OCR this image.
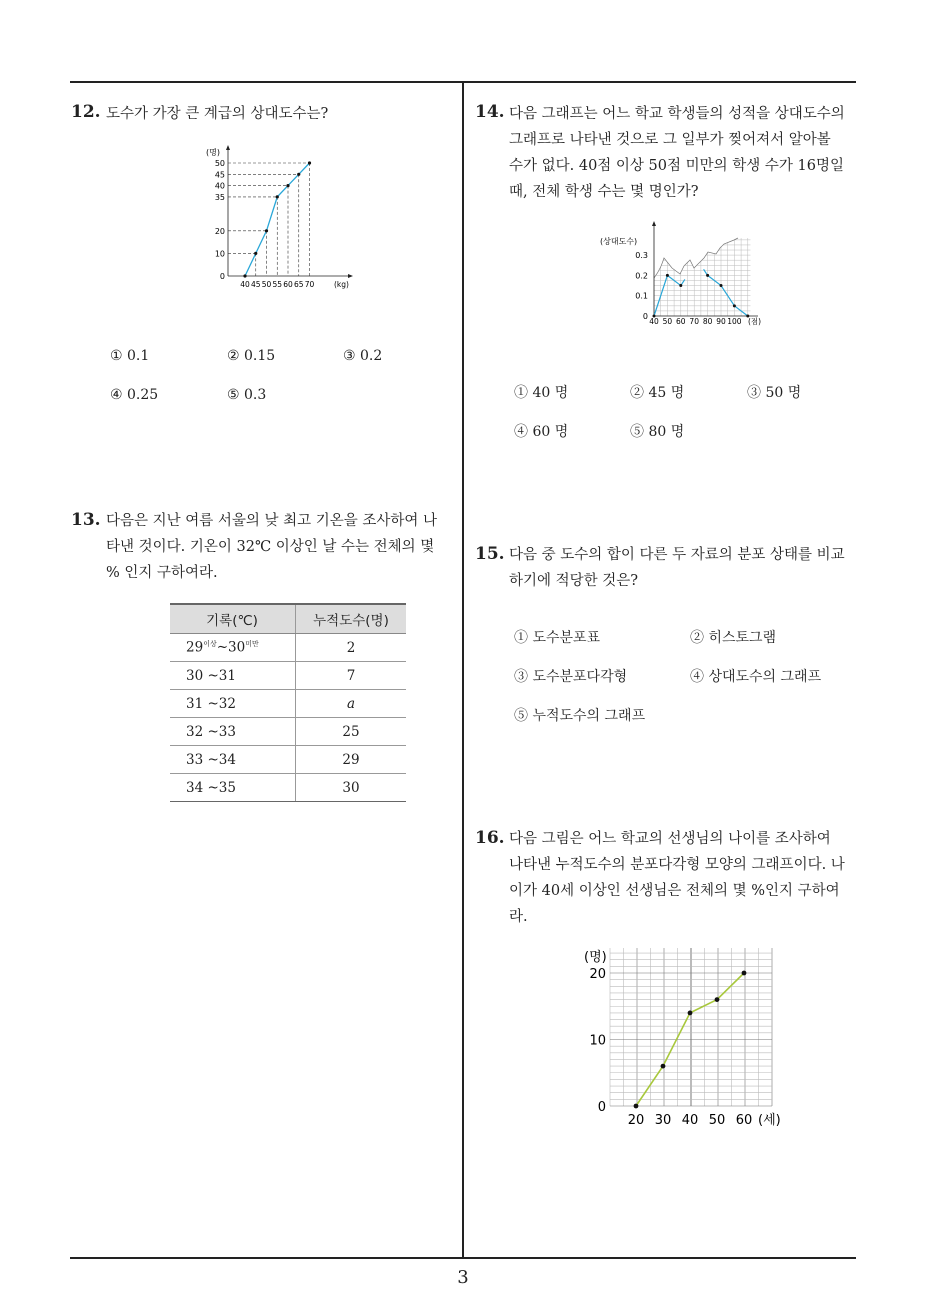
3
12. 도수가 가장 큰 계급의 상대도수는?
(명)
0
10
20
35
40
45
50
40 45 50 55 60 65 70	(kg)
① 0.1	② 0.15	③ 0.2
④ 0.25	⑤ 0.3
13. 다음은 지난 여름 서울의 낮 최고 기온을 조사하여 나
타낸 것이다. 기온이 32℃ 이상인 날 수는 전체의 몇
% 인지 구하여라.
기록(℃)	누적도수(명)
$29^{이상}\sim 30^{미만}$	2
30 ~31	7
31 ~32	a
32 ~33	25
33 ~34	29
34 ~35	30
14. 다음 그래프는 어느 학교 학생들의 성적을 상대도수의
그래프로 나타낸 것으로 그 일부가 찢어져서 알아볼
수가 없다. 40점 이상 50점 미만의 학생 수가 16명일
때, 전체 학생 수는 몇 명인가?
(상대도수)
0
0.1
0.2
0.3
40 50 60 70 80 90 100 (점)
① 40 명	② 45 명	③ 50 명
④ 60 명	⑤ 80 명
15. 다음 중 도수의 합이 다른 두 자료의 분포 상태를 비교
하기에 적당한 것은?
① 도수분포표	② 히스토그램
③ 도수분포다각형	④ 상대도수의 그래프
⑤ 누적도수의 그래프
16. 다음 그림은 어느 학교의 선생님의 나이를 조사하여
나타낸 누적도수의 분포다각형 모양의 그래프이다. 나
이가 40세 이상인 선생님은 전체의 몇 %인지 구하여
라.
(명)
0
10
20
20 30 40 50 60 (세)
